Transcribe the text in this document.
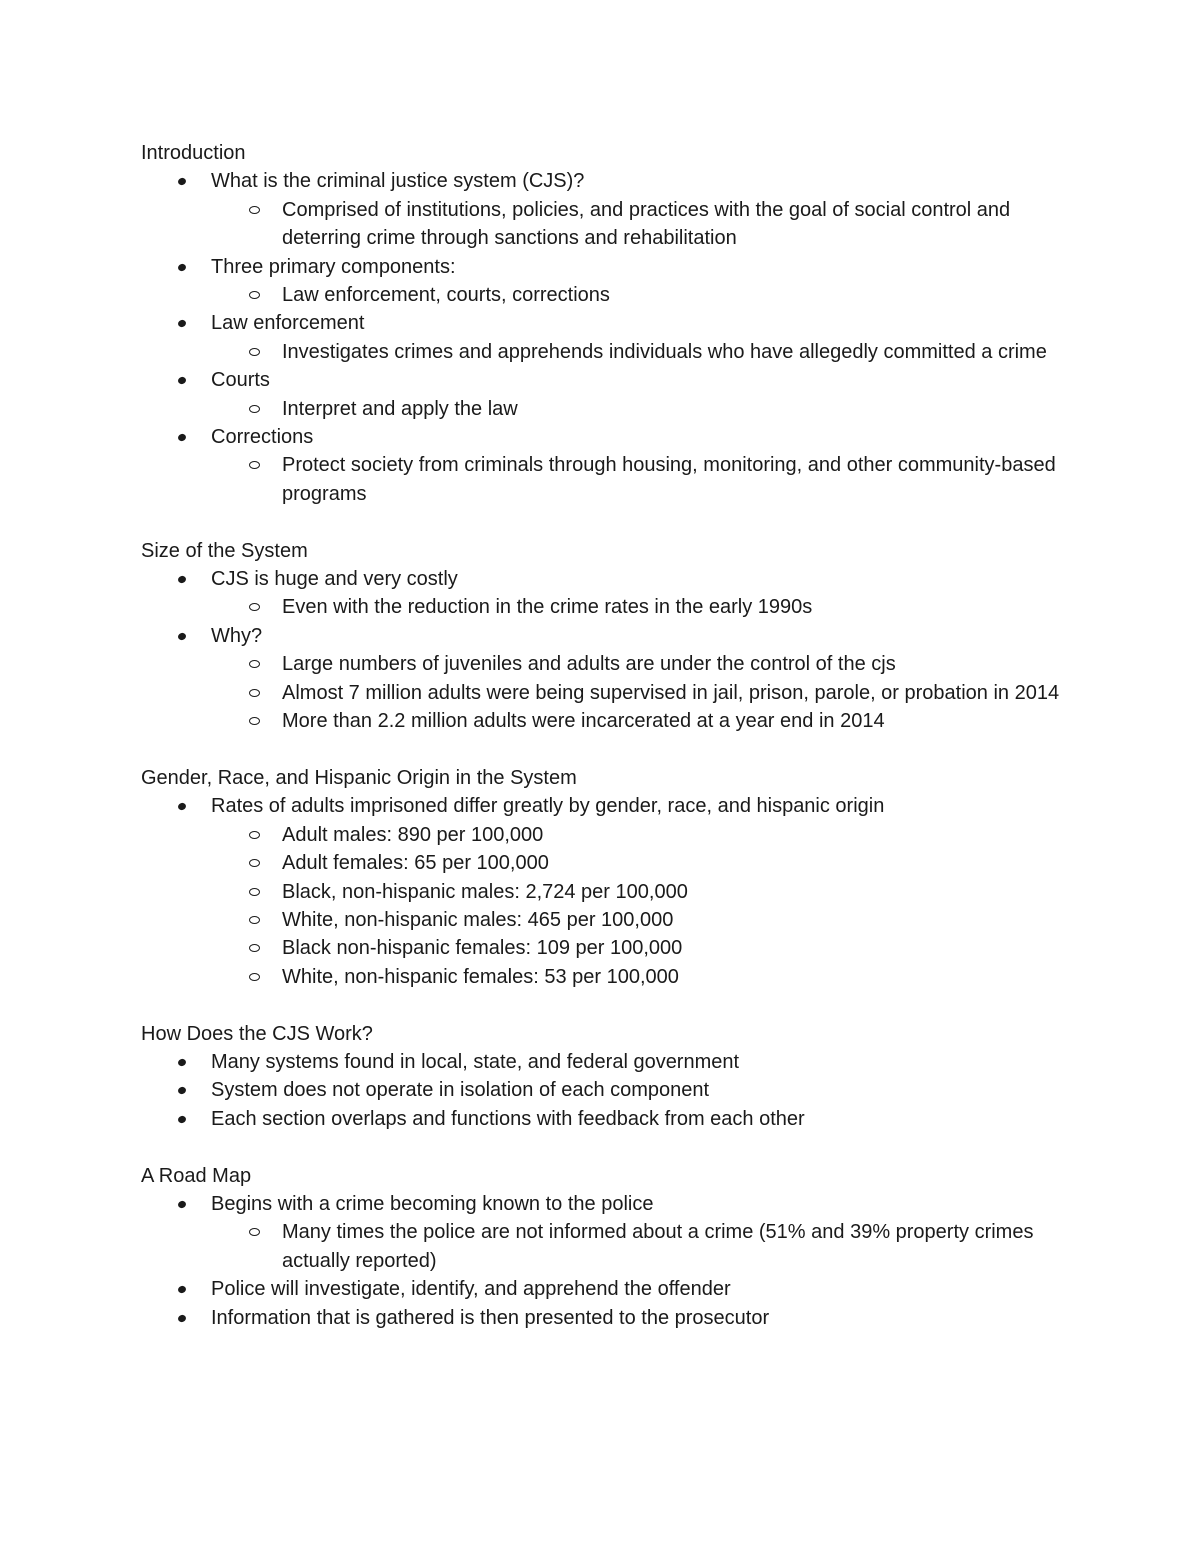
Introduction
What is the criminal justice system (CJS)?
Comprised of institutions, policies, and practices with the goal of social control and deterring crime through sanctions and rehabilitation
Three primary components:
Law enforcement, courts, corrections
Law enforcement
Investigates crimes and apprehends individuals who have allegedly committed a crime
Courts
Interpret and apply the law
Corrections
Protect society from criminals through housing, monitoring, and other community-based programs
Size of the System
CJS is huge and very costly
Even with the reduction in the crime rates in the early 1990s
Why?
Large numbers of juveniles and adults are under the control of the cjs
Almost 7 million adults were being supervised in jail, prison, parole, or probation in 2014
More than 2.2 million adults were incarcerated at a year end in 2014
Gender, Race, and Hispanic Origin in the System
Rates of adults imprisoned differ greatly by gender, race, and hispanic origin
Adult males: 890 per 100,000
Adult females: 65 per 100,000
Black, non-hispanic males: 2,724 per 100,000
White, non-hispanic males: 465 per 100,000
Black non-hispanic females: 109 per 100,000
White, non-hispanic females: 53 per 100,000
How Does the CJS Work?
Many systems found in local, state, and federal government
System does not operate in isolation of each component
Each section overlaps and functions with feedback from each other
A Road Map
Begins with a crime becoming known to the police
Many times the police are not informed about a crime (51% and 39% property crimes actually reported)
Police will investigate, identify, and apprehend the offender
Information that is gathered is then presented to the prosecutor
